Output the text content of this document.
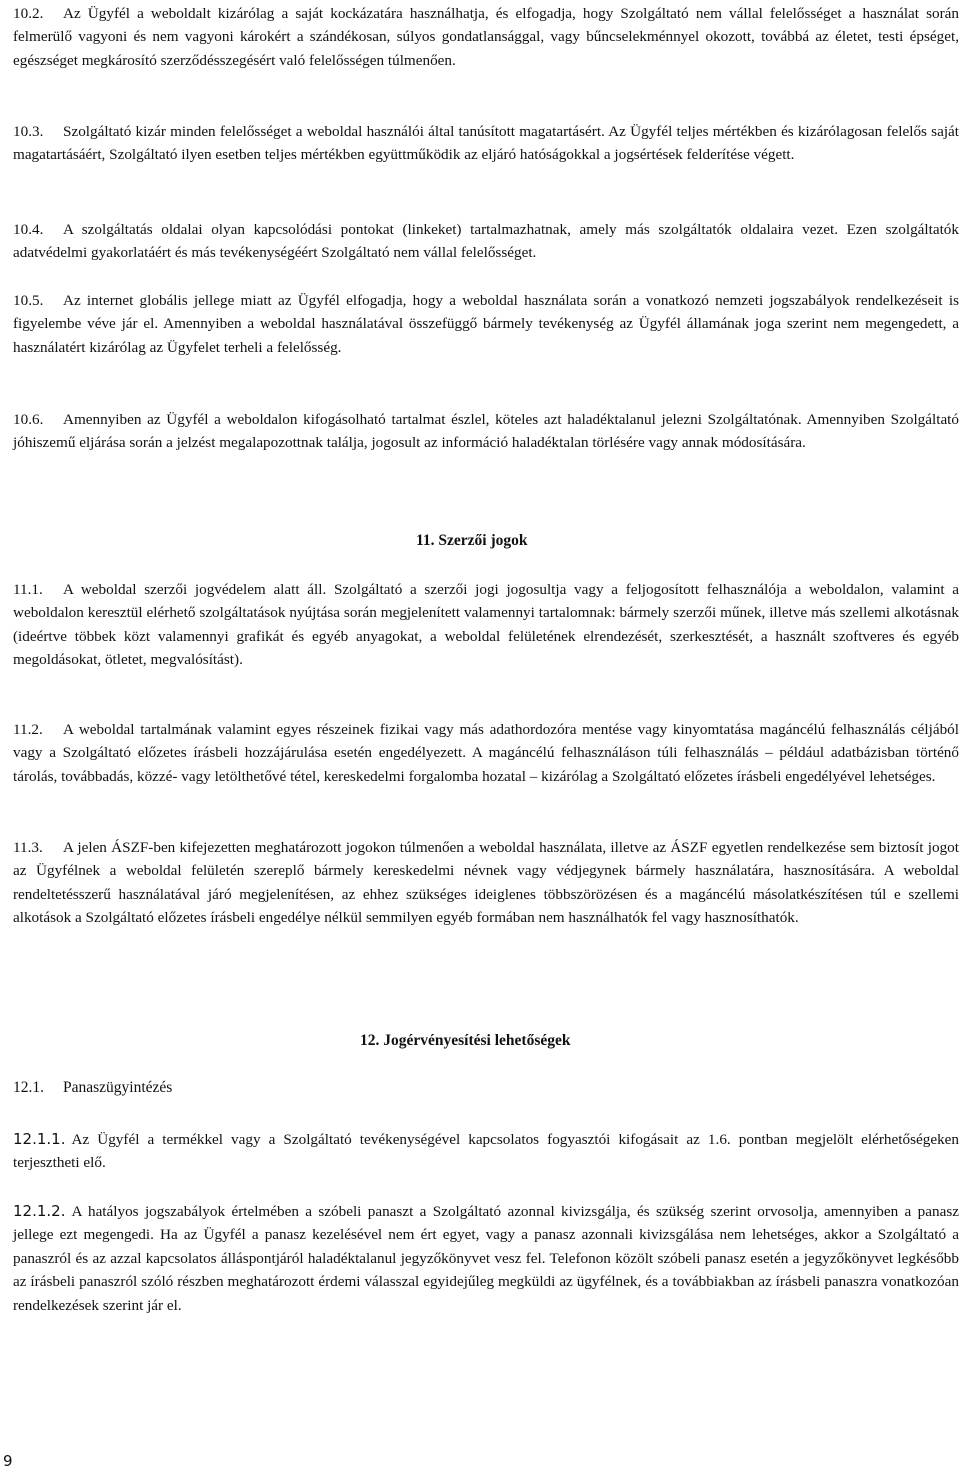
10.2. Az Ügyfél a weboldalt kizárólag a saját kockázatára használhatja, és elfogadja, hogy Szolgáltató nem vállal felelősséget a használat során felmerülő vagyoni és nem vagyoni károkért a szándékosan, súlyos gondatlansággal, vagy bűncselekménnyel okozott, továbbá az életet, testi épséget, egészséget megkárosító szerződésszegésért való felelősségen túlmenően.

10.3. Szolgáltató kizár minden felelősséget a weboldal használói által tanúsított magatartásért. Az Ügyfél teljes mértékben és kizárólagosan felelős saját magatartásáért, Szolgáltató ilyen esetben teljes mértékben együttműködik az eljáró hatóságokkal a jogsértések felderítése végett.

10.4. A szolgáltatás oldalai olyan kapcsolódási pontokat (linkeket) tartalmazhatnak, amely más szolgáltatók oldalaira vezet. Ezen szolgáltatók adatvédelmi gyakorlatáért és más tevékenységéért Szolgáltató nem vállal felelősséget.

10.5. Az internet globális jellege miatt az Ügyfél elfogadja, hogy a weboldal használata során a vonatkozó nemzeti jogszabályok rendelkezéseit is figyelembe véve jár el. Amennyiben a weboldal használatával összefüggő bármely tevékenység az Ügyfél államának joga szerint nem megengedett, a használatért kizárólag az Ügyfelet terheli a felelősség.

10.6. Amennyiben az Ügyfél a weboldalon kifogásolható tartalmat észlel, köteles azt haladéktalanul jelezni Szolgáltatónak. Amennyiben Szolgáltató jóhiszemű eljárása során a jelzést megalapozottnak találja, jogosult az információ haladéktalan törlésére vagy annak módosítására.

11. Szerzői jogok

11.1. A weboldal szerzői jogvédelem alatt áll. Szolgáltató a szerzői jogi jogosultja vagy a feljogosított felhasználója a weboldalon, valamint a weboldalon keresztül elérhető szolgáltatások nyújtása során megjelenített valamennyi tartalomnak: bármely szerzői műnek, illetve más szellemi alkotásnak (ideértve többek közt valamennyi grafikát és egyéb anyagokat, a weboldal felületének elrendezését, szerkesztését, a használt szoftveres és egyéb megoldásokat, ötletet, megvalósítást).

11.2. A weboldal tartalmának valamint egyes részeinek fizikai vagy más adathordozóra mentése vagy kinyomtatása magáncélú felhasználás céljából vagy a Szolgáltató előzetes írásbeli hozzájárulása esetén engedélyezett. A magáncélú felhasználáson túli felhasználás – például adatbázisban történő tárolás, továbbadás, közzé- vagy letölthetővé tétel, kereskedelmi forgalomba hozatal – kizárólag a Szolgáltató előzetes írásbeli engedélyével lehetséges.

11.3. A jelen ÁSZF-ben kifejezetten meghatározott jogokon túlmenően a weboldal használata, illetve az ÁSZF egyetlen rendelkezése sem biztosít jogot az Ügyfélnek a weboldal felületén szereplő bármely kereskedelmi névnek vagy védjegynek bármely használatára, hasznosítására. A weboldal rendeltetésszerű használatával járó megjelenítésen, az ehhez szükséges ideiglenes többszörözésen és a magáncélú másolatkészítésen túl e szellemi alkotások a Szolgáltató előzetes írásbeli engedélye nélkül semmilyen egyéb formában nem használhatók fel vagy hasznosíthatók.

12. Jogérvényesítési lehetőségek
12.1. Panaszügyintézés

12.1.1. Az Ügyfél a termékkel vagy a Szolgáltató tevékenységével kapcsolatos fogyasztói kifogásait az 1.6. pontban megjelölt elérhetőségeken terjesztheti elő.

12.1.2. A hatályos jogszabályok értelmében a szóbeli panaszt a Szolgáltató azonnal kivizsgálja, és szükség szerint orvosolja, amennyiben a panasz jellege ezt megengedi. Ha az Ügyfél a panasz kezelésével nem ért egyet, vagy a panasz azonnali kivizsgálása nem lehetséges, akkor a Szolgáltató a panaszról és az azzal kapcsolatos álláspontjáról haladéktalanul jegyzőkönyvet vesz fel. Telefonon közölt szóbeli panasz esetén a jegyzőkönyvet legkésőbb az írásbeli panaszról szóló részben meghatározott érdemi válasszal egyidejűleg megküldi az ügyfélnek, és a továbbiakban az írásbeli panaszra vonatkozóan rendelkezések szerint jár el.

9
